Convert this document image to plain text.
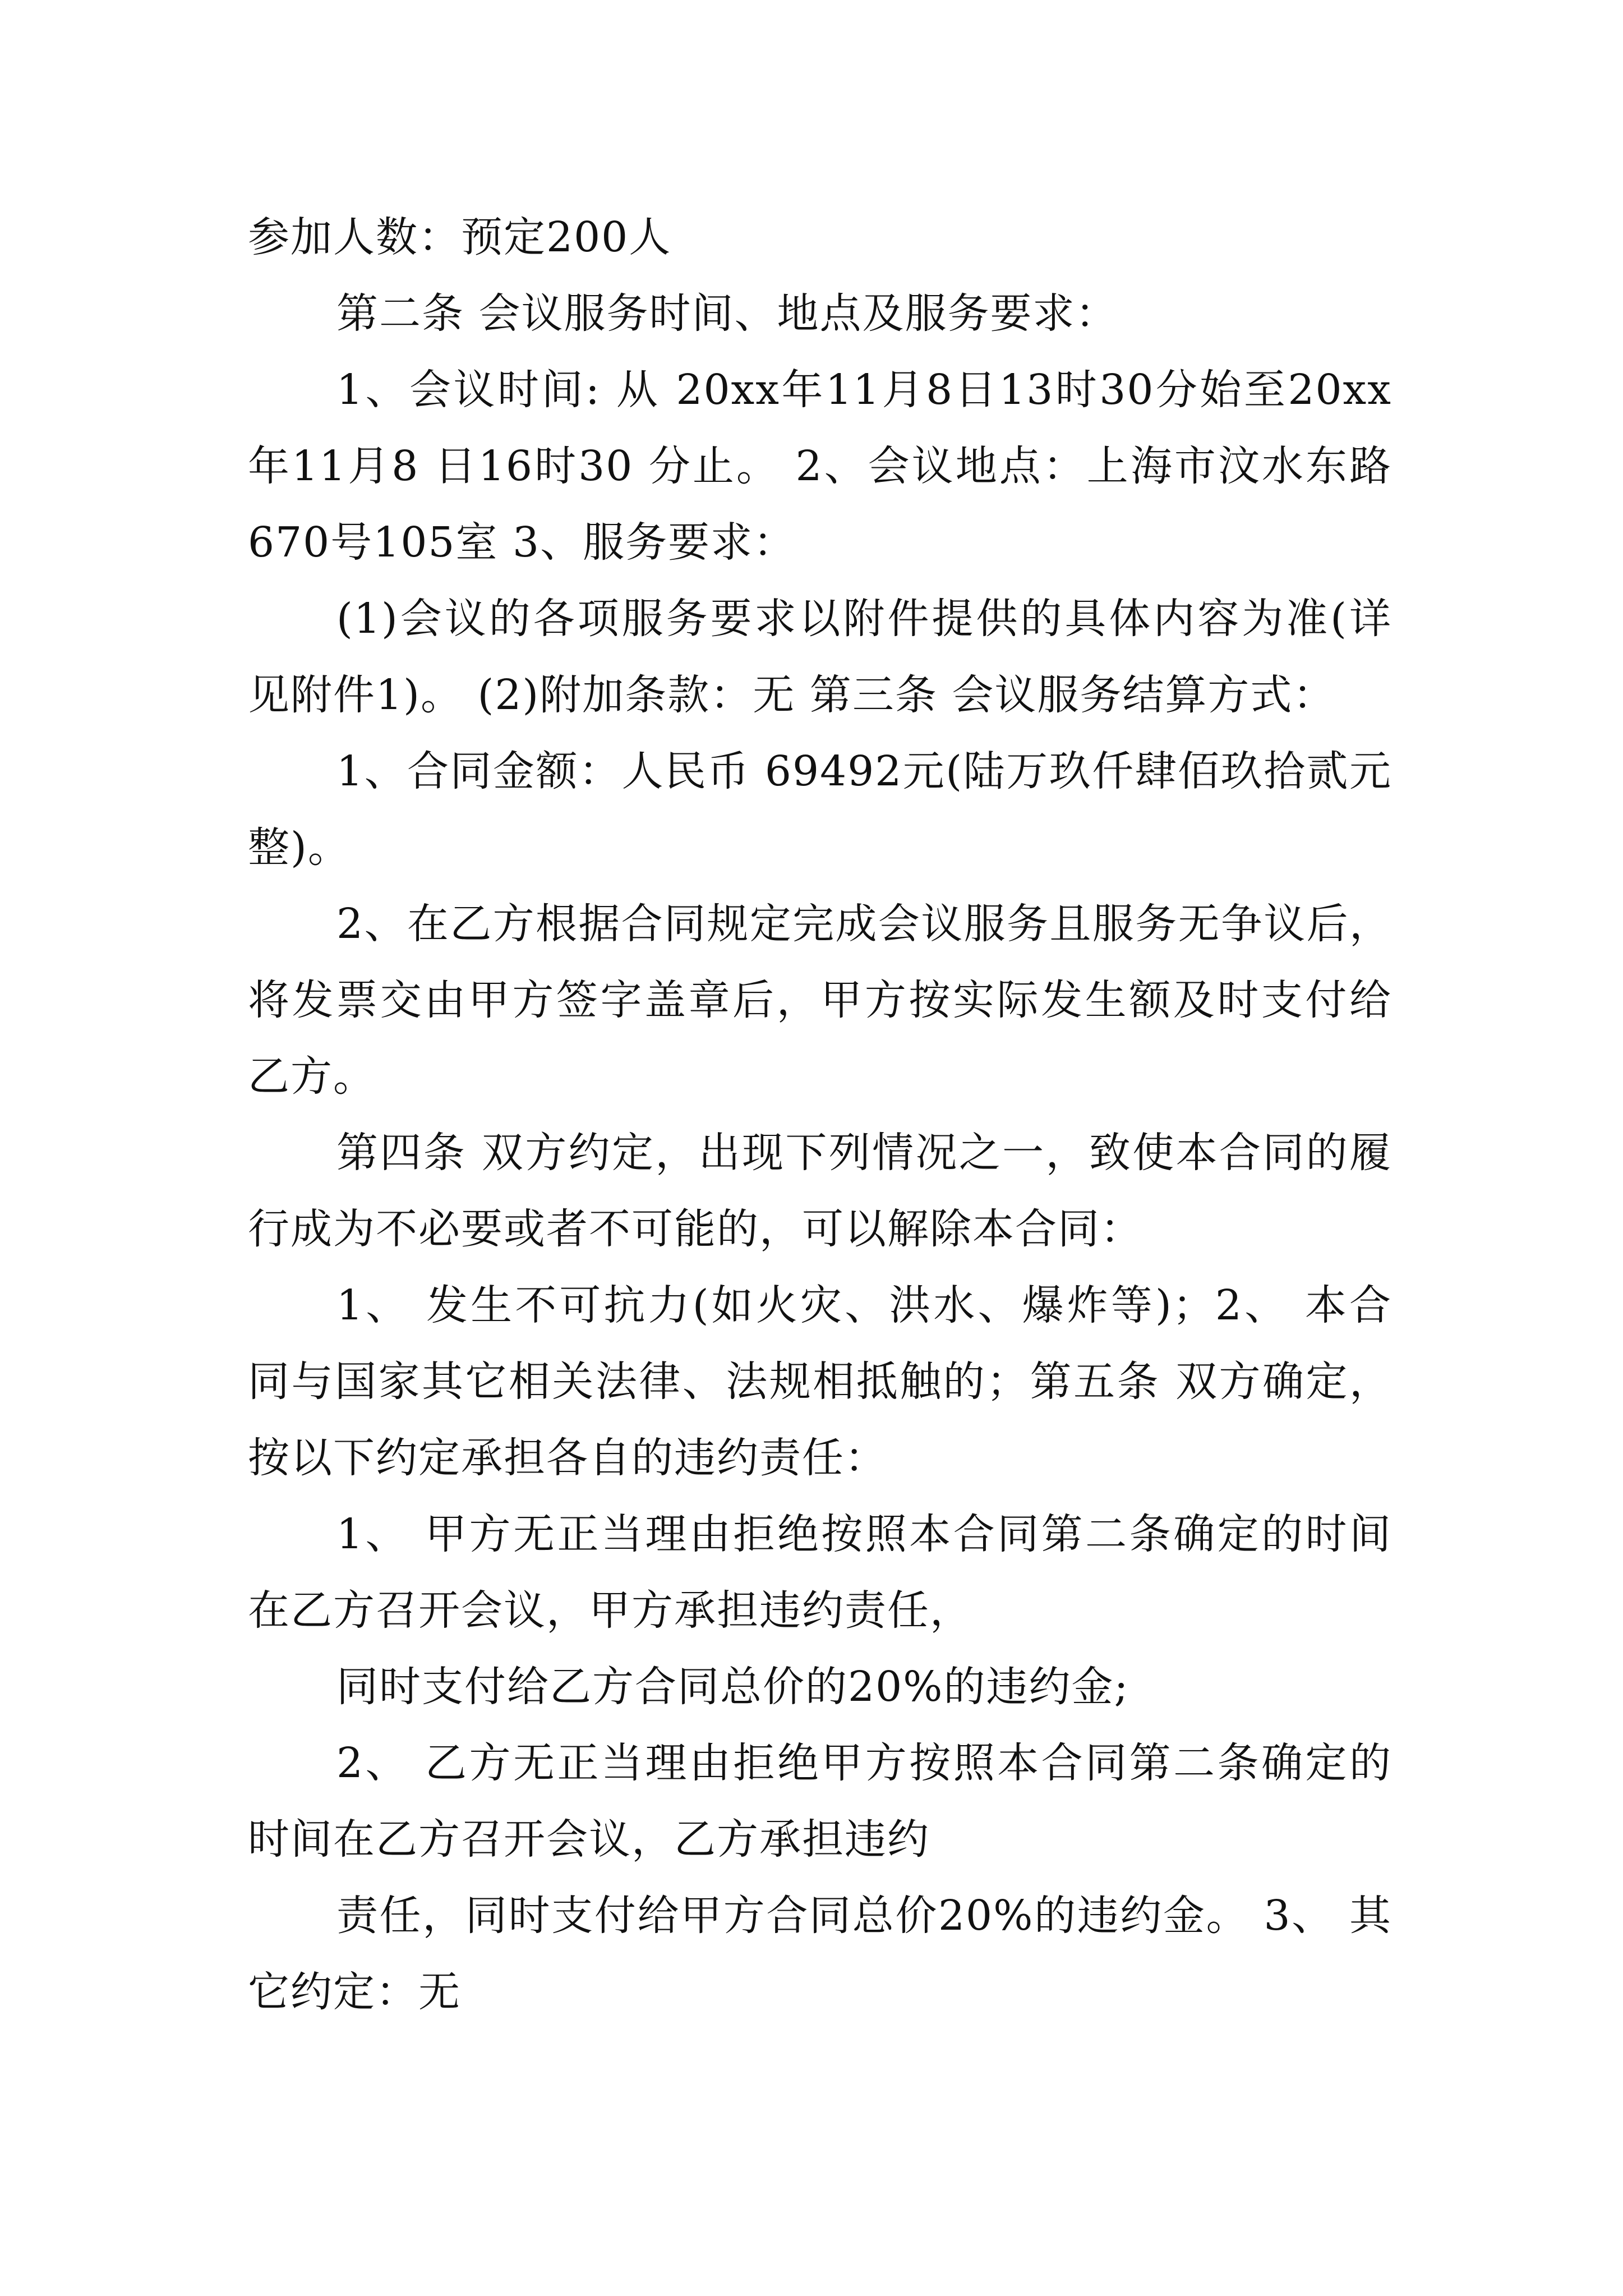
参加人数：预定200人

第二条 会议服务时间、地点及服务要求：

1、会议时间: 从 20xx年11月8日13时30分始至20xx年11月8 日16时30 分止。 2、会议地点：上海市汶水东路670号105室 3、服务要求：

(1)会议的各项服务要求以附件提供的具体内容为准(详见附件1)。 (2)附加条款：无 第三条 会议服务结算方式：

1、合同金额：人民币 69492元(陆万玖仟肆佰玖拾贰元整)。

2、在乙方根据合同规定完成会议服务且服务无争议后，将发票交由甲方签字盖章后，甲方按实际发生额及时支付给乙方。

第四条 双方约定，出现下列情况之一，致使本合同的履行成为不必要或者不可能的，可以解除本合同：

1、 发生不可抗力(如火灾、洪水、爆炸等)；2、 本合同与国家其它相关法律、法规相抵触的；第五条 双方确定，按以下约定承担各自的违约责任：

1、 甲方无正当理由拒绝按照本合同第二条确定的时间在乙方召开会议，甲方承担违约责任，

同时支付给乙方合同总价的20%的违约金;

2、 乙方无正当理由拒绝甲方按照本合同第二条确定的时间在乙方召开会议，乙方承担违约

责任，同时支付给甲方合同总价20%的违约金。 3、 其它约定：无
